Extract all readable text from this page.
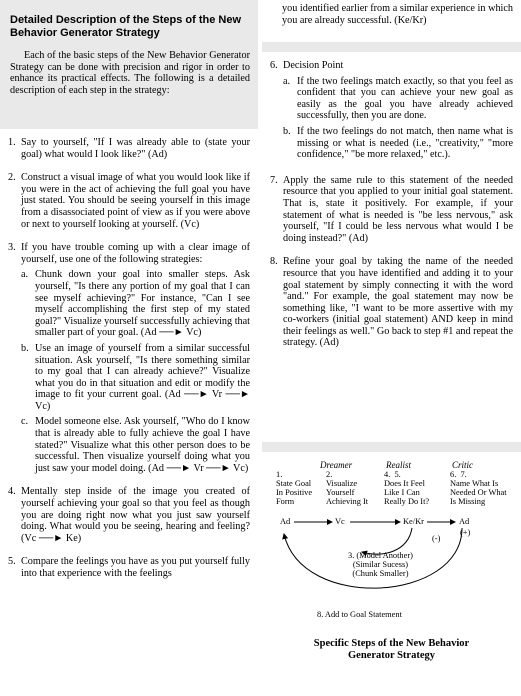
Detailed Description of the Steps of the New Behavior Generator Strategy

Each of the basic steps of the New Behavior Generator Strategy can be done with precision and rigor in order to enhance its practical effects. The following is a detailed description of each step in the strategy:

1. Say to yourself, "If I was already able to (state your goal) what would I look like?" (Ad)
2. Construct a visual image of what you would look like if you were in the act of achieving the full goal you have just stated. You should be seeing yourself in this image from a disassociated point of view as if you were above or next to yourself looking at yourself. (Vc)
3. If you have trouble coming up with a clear image of yourself, use one of the following strategies:
a. Chunk down your goal into smaller steps. Ask yourself, "Is there any portion of my goal that I can see myself achieving?" For instance, "Can I see myself accomplishing the first step of my stated goal?" Visualize yourself successfully achieving that smaller part of your goal. (Ad ──► Vc)
b. Use an image of yourself from a similar successful situation. Ask yourself, "Is there something similar to my goal that I can already achieve?" Visualize what you do in that situation and edit or modify the image to fit your current goal. (Ad ──► Vr ──► Vc)
c. Model someone else. Ask yourself, "Who do I know that is already able to fully achieve the goal I have stated?" Visualize what this other person does to be successful. Then visualize yourself doing what you just saw your model doing. (Ad ──► Vr ──► Vc)
4. Mentally step inside of the image you created of yourself achieving your goal so that you feel as though you are doing right now what you just saw yourself doing. What would you be seeing, hearing and feeling? (Vc ──► Ke)
5. Compare the feelings you have as you put yourself fully into that experience with the feelings

you identified earlier from a similar experience in which you are already successful. (Ke/Kr)

6. Decision Point
a. If the two feelings match exactly, so that you feel as confident that you can achieve your new goal as easily as the goal you have already achieved successfully, then you are done.
b. If the two feelings do not match, then name what is missing or what is needed (i.e., "creativity," "more confidence," "be more relaxed," etc.).
7. Apply the same rule to this statement of the needed resource that you applied to your initial goal statement. That is, state it positively. For example, if your statement of what is needed is "be less nervous," ask yourself, "If I could be less nervous what would I be doing instead?" (Ad)
8. Refine your goal by taking the name of the needed resource that you have identified and adding it to your goal statement by simply connecting it with the word "and." For example, the goal statement may now be something like, "I want to be more assertive with my co-workers (initial goal statement) AND keep in mind their feelings as well." Go back to step #1 and repeat the strategy. (Ad)
Dreamer	Realist	Critic
1.
State Goal
In Positive
Form
2.
Visualize
Yourself
Achieving It
4.  5.
Does It Feel
Like I Can
Really Do It?
6.  7.
Name What Is
Needed Or What
Is Missing
Ad	Vc	Ke/Kr	Ad
(+)
(-)
3. (Model Another)
(Similar Sucess)
(Chunk Smaller)
8. Add to Goal Statement
Specific Steps of the New Behavior
Generator Strategy
